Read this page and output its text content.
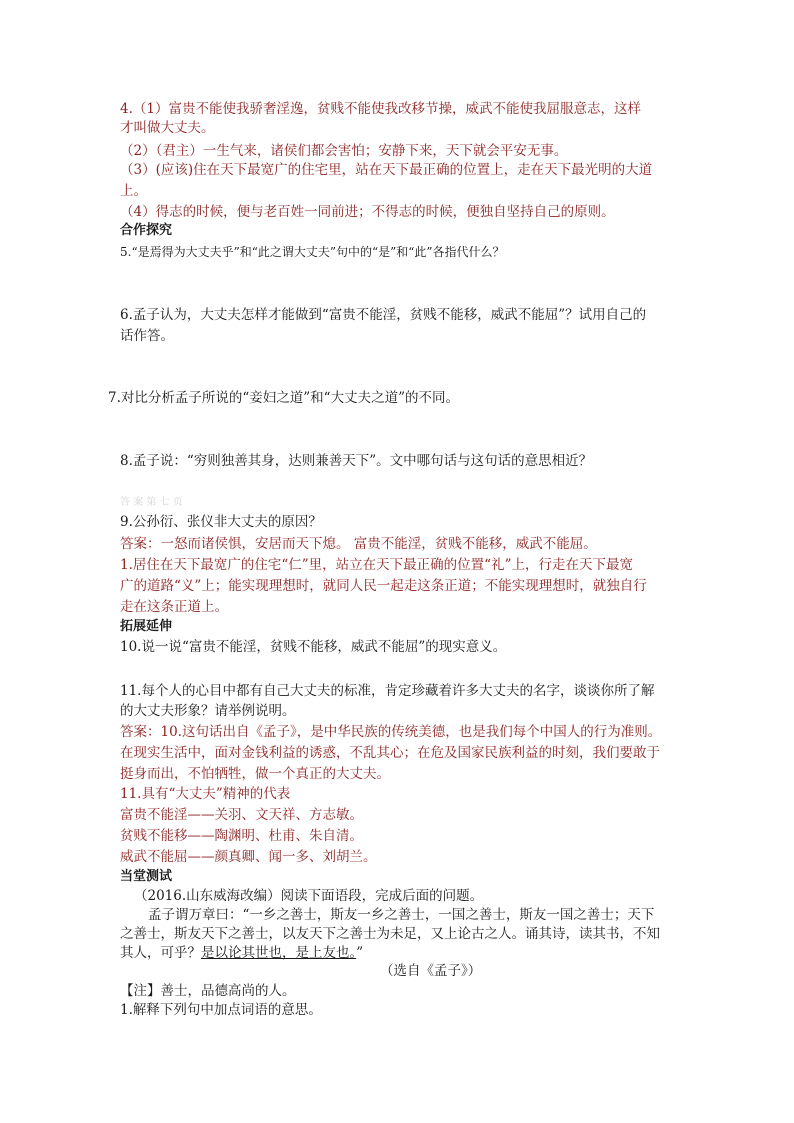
4.（1）富贵不能使我骄奢淫逸，贫贱不能使我改移节操，威武不能使我屈服意志，这样
才叫做大丈夫。
（2）（君主）一生气来，诸侯们都会害怕；安静下来，天下就会平安无事。
（3）(应该)住在天下最宽广的住宅里，站在天下最正确的位置上，走在天下最光明的大道
上。
（4）得志的时候，便与老百姓一同前进；不得志的时候，便独自坚持自己的原则。
合作探究
5.“是焉得为大丈夫乎”和“此之谓大丈夫”句中的“是”和“此”各指代什么？
6.孟子认为，大丈夫怎样才能做到“富贵不能淫，贫贱不能移，威武不能屈”？试用自己的
话作答。
7.对比分析孟子所说的“妾妇之道”和“大丈夫之道”的不同。
8.孟子说：“穷则独善其身，达则兼善天下”。文中哪句话与这句话的意思相近？
答 案 第 七 页
9.公孙衍、张仪非大丈夫的原因？
答案：一怒而诸侯惧，安居而天下熄。 富贵不能淫，贫贱不能移，威武不能屈。
1.居住在天下最宽广的住宅“仁”里，站立在天下最正确的位置“礼”上，行走在天下最宽
广的道路“义”上；能实现理想时，就同人民一起走这条正道；不能实现理想时，就独自行
走在这条正道上。
拓展延伸
10.说一说“富贵不能淫，贫贱不能移，威武不能屈”的现实意义。
11.每个人的心目中都有自己大丈夫的标准，肯定珍藏着许多大丈夫的名字，谈谈你所了解
的大丈夫形象？请举例说明。
答案：10.这句话出自《孟子》，是中华民族的传统美德，也是我们每个中国人的行为准则。
在现实生活中，面对金钱利益的诱惑，不乱其心；在危及国家民族利益的时刻，我们要敢于
挺身而出，不怕牺牲，做一个真正的大丈夫。
11.具有“大丈夫”精神的代表
富贵不能淫——关羽、文天祥、方志敏。
贫贱不能移——陶渊明、杜甫、朱自清。
威武不能屈——颜真卿、闻一多、刘胡兰。
当堂测试
（2016.山东威海改编）阅读下面语段，完成后面的问题。
孟子谓万章曰：“一乡之善士，斯友一乡之善士，一国之善士，斯友一国之善士；天下
之善士，斯友天下之善士，以友天下之善士为未足，又上论古之人。诵其诗，读其书，不知
其人，可乎？是以论其世也，是上友也。”
（选自《孟子》）
【注】善士，品德高尚的人。
1.解释下列句中加点词语的意思。
